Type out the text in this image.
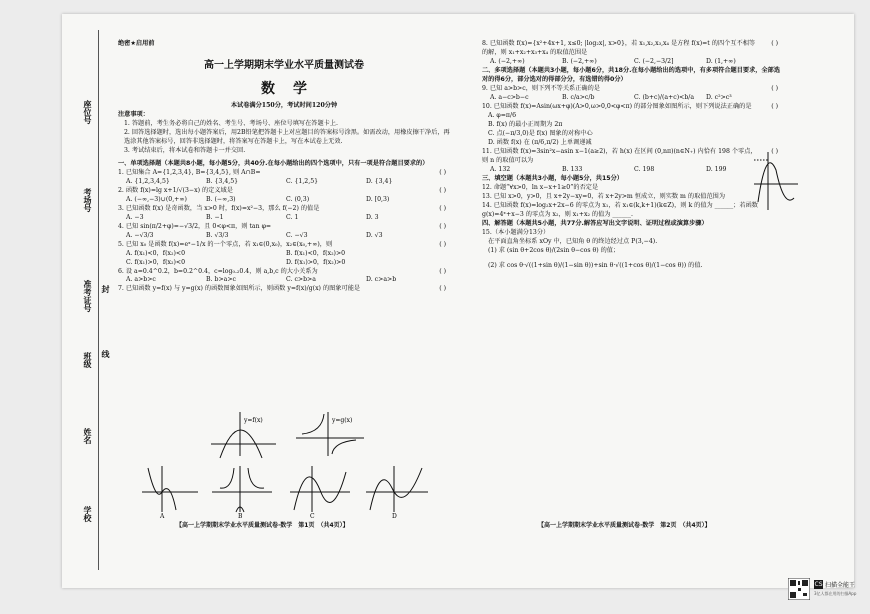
座位号
考场号
准考证号 封
班级 线
姓名
学校
绝密★启用前
高一上学期期末学业水平质量测试卷
数学
本试卷满分150分，考试时间120分钟
注意事项：
1. 答题前，考生务必将自己的姓名、考生号、考场号、座位号填写在答题卡上.
2. 回答选择题时，选出每小题答案后，用2B铅笔把答题卡上对应题目的答案标号涂黑。如需改动，用橡皮擦干净后，再选涂其他答案标号，回答非选择题时，将答案写在答题卡上，写在本试卷上无效.
3. 考试结束后，将本试卷和答题卡一并交回.
一、单项选择题（本题共8小题，每小题5分，共40分.在每小题给出的四个选项中，只有一项是符合题目要求的）
1. 已知集合 A={1,2,3,4}, B={3,4,5}, 则 A∩B=	( )
A. {1,2,3,4,5}	B. {3,4,5}	C. {1,2,5}	D. {3,4}
2. 函数 f(x)=lg x+1/√(3−x) 的定义域是	( )
A. (−∞,−3)∪(0,+∞)	B. (−∞,3)	C. (0,3)	D. [0,3)
3. 已知函数 f(x) 是奇函数，当 x>0 时，f(x)=x²−3，那么 f(−2) 的值是	( )
A. −3	B. −1	C. 1	D. 3
4. 已知 sin(π/2+φ)=−√3/2，且 0<φ<π，则 tan φ=	( )
A. −√3/3	B. √3/3	C. −√3	D. √3
5. 已知 x₀ 是函数 f(x)=eˣ−1/x 的一个零点，若 x₁∈(0,x₀)，x₂∈(x₀,+∞)，则	( )
A. f(x₁)<0，f(x₂)<0	B. f(x₁)<0，f(x₂)>0
C. f(x₁)>0，f(x₂)<0	D. f(x₁)>0，f(x₂)>0
6. 设 a=0.4^0.2，b=0.2^0.4，c=log₀.₂0.4，则 a,b,c 的大小关系为	( )
A. a>b>c	B. b>a>c	C. c>b>a	D. c>a>b
7. 已知函数 y=f(x) 与 y=g(x) 的函数图象如图所示，则函数 y=f(x)/g(x) 的图象可能是	( )
y=f(x)	y=g(x)
A	B	C	D
【高一上学期期末学业水平质量测试卷·数学　第1页　（共4页）】
8. 已知函数 f(x)={x²+4x+1, x≤0; |log₂x|, x>0}，若 x₁,x₂,x₃,x₄ 是方程 f(x)=t 的四个互不相等的解，则 x₁+x₂+x₃+x₄ 的取值范围是
( )
A. (−2,+∞)	B. (−2,+∞)	C. (−2,−3/2]	D. (1,+∞)
二、多项选择题（本题共3小题，每小题6分，共18分.在每小题给出的选项中，有多项符合题目要求，全部选对的得6分，部分选对的得部分分，有选错的得0分）
9. 已知 a>b>c，则下列不等关系正确的是	( )
A. a−c>b−c	B. c/a>c/b	C. (b+c)/(a+c)<b/a	D. c²>c³
10. 已知函数 f(x)=Asin(ωx+φ)(A>0,ω>0,0<φ<π) 的部分图象如图所示，则下列说法正确的是	( )
A. φ=π/6
B. f(x) 的最小正周期为 2π
C. 点(−π/3,0)是 f(x) 图象的对称中心
D. 函数 f(x) 在 (π/6,π/2) 上单调递减
11. 已知函数 f(x)=3sin²x−asin x−1(a≥2)，若 h(x) 在区间 (0,nπ)(n∈N₊) 内恰有 198 个零点，则 n 的取值可以为
( )
A. 132	B. 133	C. 198	D. 199
三、填空题（本题共3小题，每小题5分，共15分）
12. 命题“∀x>0，ln x−x+1≥0”的否定是
13. 已知 x>0，y>0，且 x+2y−xy=0，若 x+2y>m 恒成立，则实数 m 的取值范围为
14. 已知函数 f(x)=log₂x+2x−6 的零点为 x₁，若 x₁∈(k,k+1)(k∈Z)，则 k 的值为 ______；若函数 g(x)=4ˣ+x−3 的零点为 x₂，则 x₁+x₂ 的值为 ______.
四、解答题（本题共5小题，共77分.解答应写出文字说明、证明过程或演算步骤）
15.（本小题满分13分）
在平面直角坐标系 xOy 中，已知角 θ 的终边经过点 P(3,−4).
(1) 求 (sin θ+2cos θ)/(2sin θ−cos θ) 的值；
(2) 求 cos θ·√((1+sin θ)/(1−sin θ))+sin θ·√((1+cos θ)/(1−cos θ)) 的值.
【高一上学期期末学业水平质量测试卷·数学　第2页　（共4页）】
CS 扫描全能王
3亿人都在用的扫描App
